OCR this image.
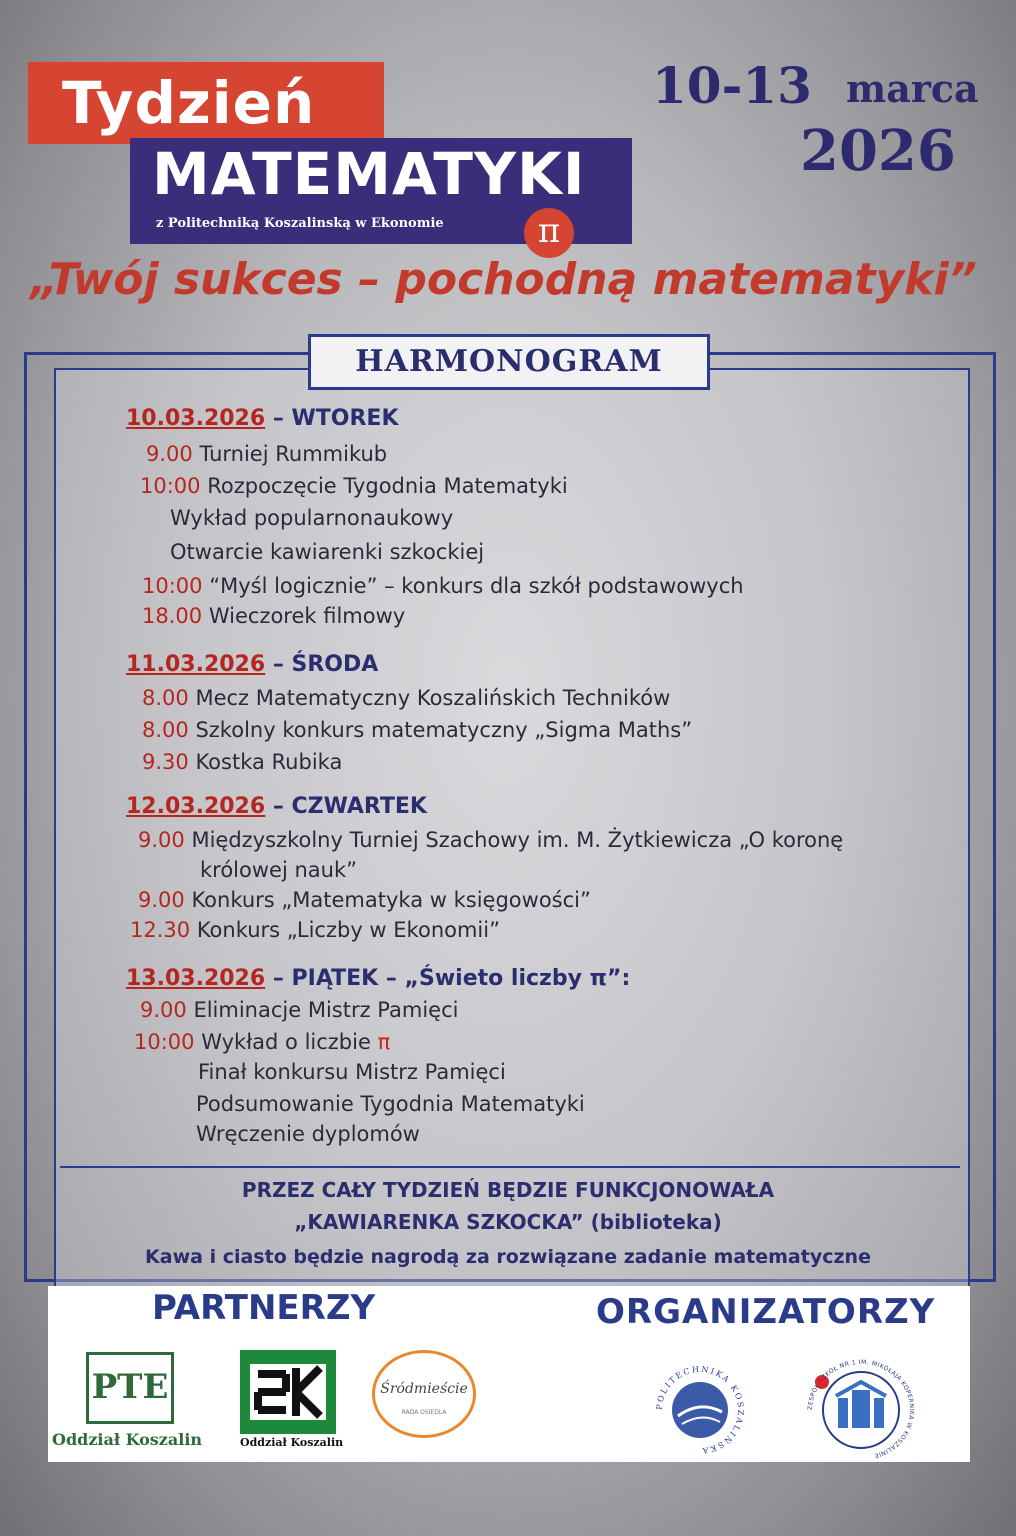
Tydzień
MATEMATYKI
z Politechniką Koszalinską w Ekonomie	π
10-13 marca
2026
„Twój sukces – pochodną matematyki”
HARMONOGRAM
10.03.2026 – WTOREK
9.00 Turniej Rummikub
10:00 Rozpoczęcie Tygodnia Matematyki
Wykład popularnonaukowy
Otwarcie kawiarenki szkockiej
10:00 “Myśl logicznie” – konkurs dla szkół podstawowych
18.00 Wieczorek filmowy
11.03.2026 – ŚRODA
8.00 Mecz Matematyczny Koszalińskich Techników
8.00 Szkolny konkurs matematyczny „Sigma Maths”
9.30 Kostka Rubika
12.03.2026 – CZWARTEK
9.00 Międzyszkolny Turniej Szachowy im. M. Żytkiewicza „O koronę
królowej nauk”
9.00 Konkurs „Matematyka w księgowości”
12.30 Konkurs „Liczby w Ekonomii”
13.03.2026 – PIĄTEK – „Świeto liczby π”:
9.00 Eliminacje Mistrz Pamięci
10:00 Wykład o liczbie π
Finał konkursu Mistrz Pamięci
Podsumowanie Tygodnia Matematyki
Wręczenie dyplomów
PRZEZ CAŁY TYDZIEŃ BĘDZIE FUNKCJONOWAŁA
„KAWIARENKA SZKOCKA” (biblioteka)
Kawa i ciasto będzie nagrodą za rozwiązane zadanie matematyczne
PARTNERZY	ORGANIZATORZY
PTE
Oddział Koszalin	Oddział Koszalin
Śródmieście
RADA OSIEDLA
POLITECHNIKA KOSZALIŃSKA
ZESPÓŁ SZKÓŁ NR 1 IM. MIKOŁAJA KOPERNIKA W KOSZALINIE
